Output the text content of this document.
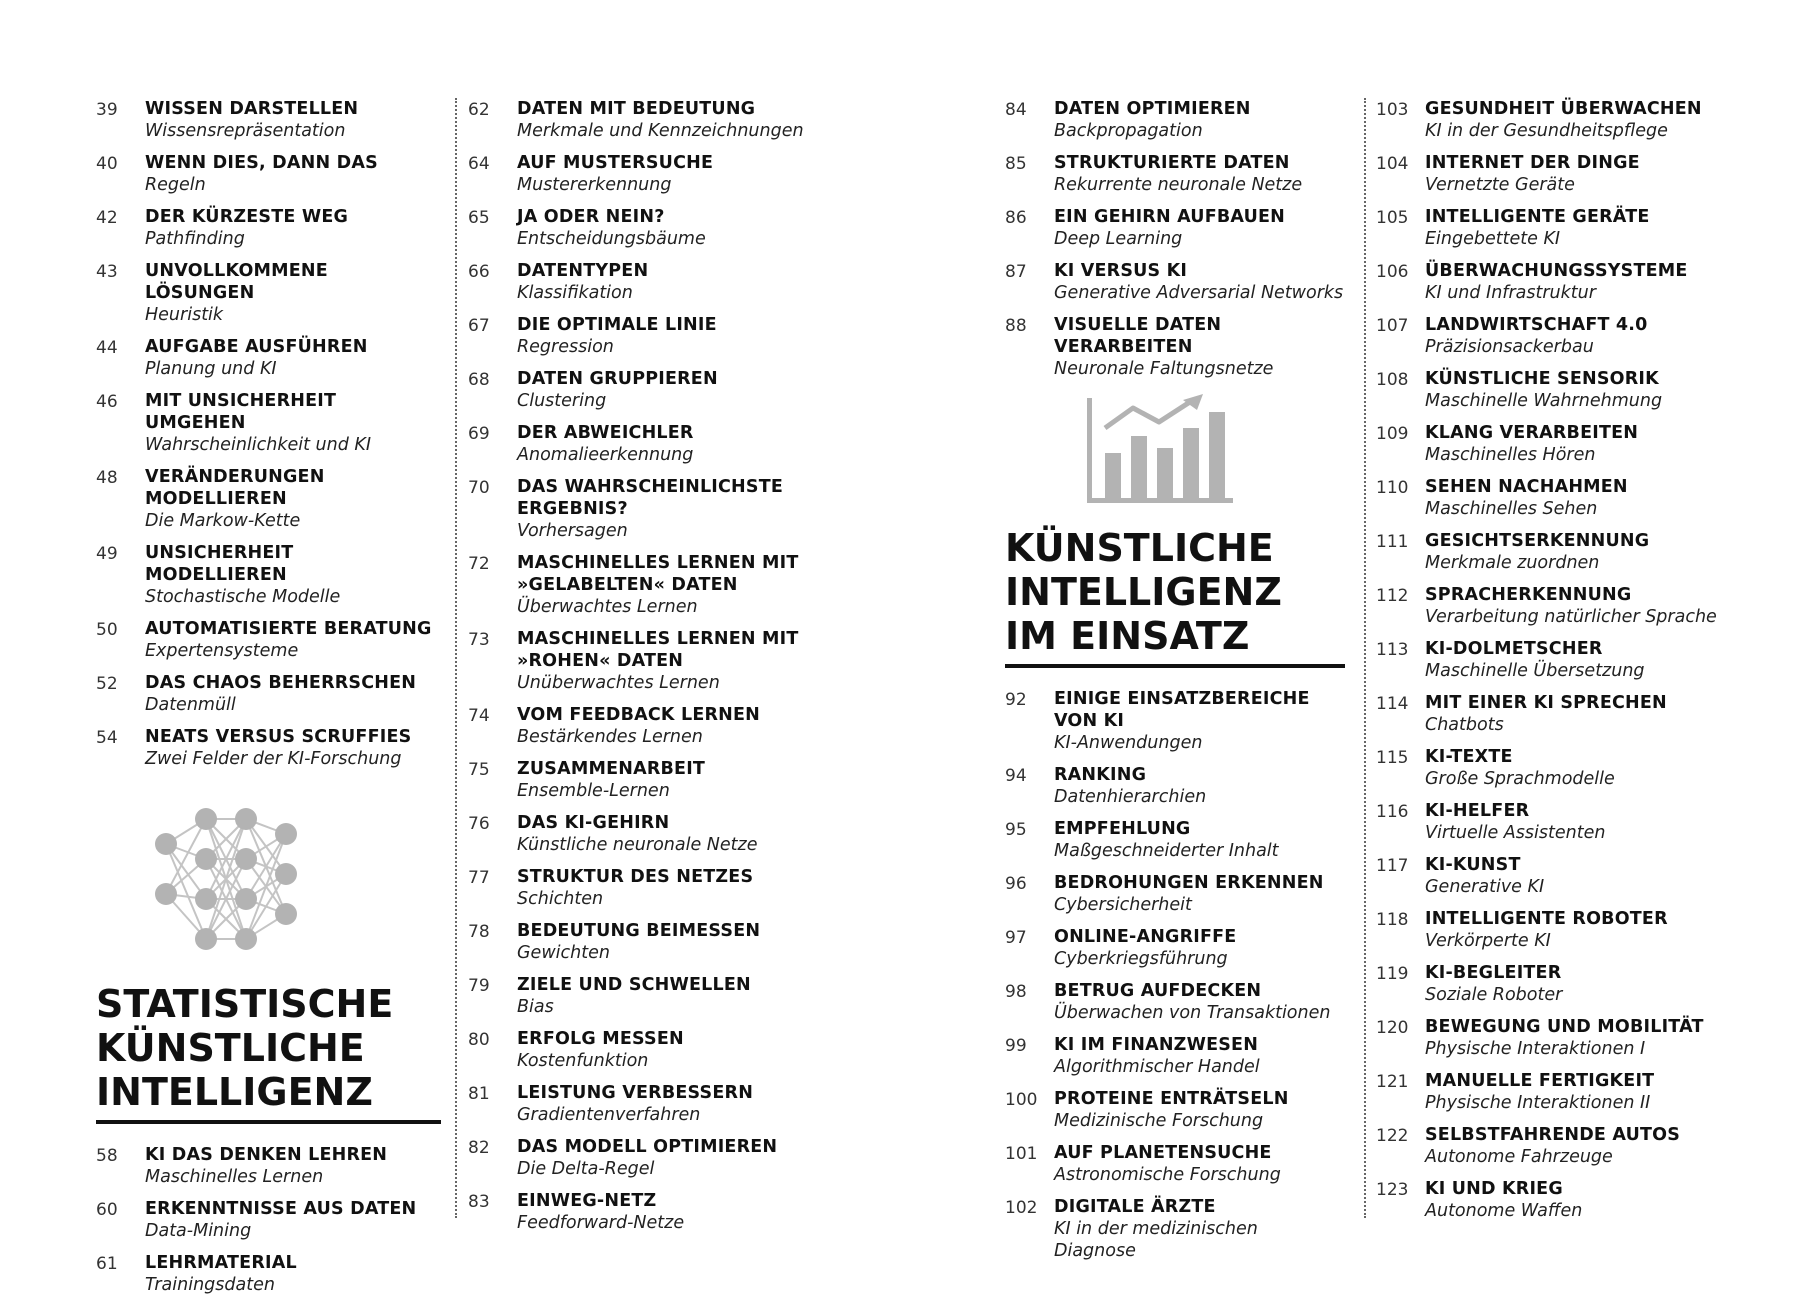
39 WISSEN DARSTELLEN
Wissensrepräsentation
40 WENN DIES, DANN DAS
Regeln
42 DER KÜRZESTE WEG
Pathfinding
43 UNVOLLKOMMENE LÖSUNGEN
Heuristik
44 AUFGABE AUSFÜHREN
Planung und KI
46 MIT UNSICHERHEIT UMGEHEN
Wahrscheinlichkeit und KI
48 VERÄNDERUNGEN MODELLIEREN
Die Markow-Kette
49 UNSICHERHEIT MODELLIEREN
Stochastische Modelle
50 AUTOMATISIERTE BERATUNG
Expertensysteme
52 DAS CHAOS BEHERRSCHEN
Datenmüll
54 NEATS VERSUS SCRUFFIES
Zwei Felder der KI-Forschung
STATISTISCHE
KÜNSTLICHE
INTELLIGENZ
58 KI DAS DENKEN LEHREN
Maschinelles Lernen
60 ERKENNTNISSE AUS DATEN
Data-Mining
61 LEHRMATERIAL
Trainingsdaten
62 DATEN MIT BEDEUTUNG
Merkmale und Kennzeichnungen
64 AUF MUSTERSUCHE
Mustererkennung
65 JA ODER NEIN?
Entscheidungsbäume
66 DATENTYPEN
Klassifikation
67 DIE OPTIMALE LINIE
Regression
68 DATEN GRUPPIEREN
Clustering
69 DER ABWEICHLER
Anomalieerkennung
70 DAS WAHRSCHEINLICHSTE ERGEBNIS?
Vorhersagen
72 MASCHINELLES LERNEN MIT »GELABELTEN« DATEN
Überwachtes Lernen
73 MASCHINELLES LERNEN MIT »ROHEN« DATEN
Unüberwachtes Lernen
74 VOM FEEDBACK LERNEN
Bestärkendes Lernen
75 ZUSAMMENARBEIT
Ensemble-Lernen
76 DAS KI-GEHIRN
Künstliche neuronale Netze
77 STRUKTUR DES NETZES
Schichten
78 BEDEUTUNG BEIMESSEN
Gewichten
79 ZIELE UND SCHWELLEN
Bias
80 ERFOLG MESSEN
Kostenfunktion
81 LEISTUNG VERBESSERN
Gradientenverfahren
82 DAS MODELL OPTIMIEREN
Die Delta-Regel
83 EINWEG-NETZ
Feedforward-Netze
84 DATEN OPTIMIEREN
Backpropagation
85 STRUKTURIERTE DATEN
Rekurrente neuronale Netze
86 EIN GEHIRN AUFBAUEN
Deep Learning
87 KI VERSUS KI
Generative Adversarial Networks
88 VISUELLE DATEN VERARBEITEN
Neuronale Faltungsnetze
KÜNSTLICHE
INTELLIGENZ
IM EINSATZ
92 EINIGE EINSATZBEREICHE VON KI
KI-Anwendungen
94 RANKING
Datenhierarchien
95 EMPFEHLUNG
Maßgeschneiderter Inhalt
96 BEDROHUNGEN ERKENNEN
Cybersicherheit
97 ONLINE-ANGRIFFE
Cyberkriegsführung
98 BETRUG AUFDECKEN
Überwachen von Transaktionen
99 KI IM FINANZWESEN
Algorithmischer Handel
100 PROTEINE ENTRÄTSELN
Medizinische Forschung
101 AUF PLANETENSUCHE
Astronomische Forschung
102 DIGITALE ÄRZTE
KI in der medizinischen Diagnose
103 GESUNDHEIT ÜBERWACHEN
KI in der Gesundheitspflege
104 INTERNET DER DINGE
Vernetzte Geräte
105 INTELLIGENTE GERÄTE
Eingebettete KI
106 ÜBERWACHUNGSSYSTEME
KI und Infrastruktur
107 LANDWIRTSCHAFT 4.0
Präzisionsackerbau
108 KÜNSTLICHE SENSORIK
Maschinelle Wahrnehmung
109 KLANG VERARBEITEN
Maschinelles Hören
110 SEHEN NACHAHMEN
Maschinelles Sehen
111 GESICHTSERKENNUNG
Merkmale zuordnen
112 SPRACHERKENNUNG
Verarbeitung natürlicher Sprache
113 KI-DOLMETSCHER
Maschinelle Übersetzung
114 MIT EINER KI SPRECHEN
Chatbots
115 KI-TEXTE
Große Sprachmodelle
116 KI-HELFER
Virtuelle Assistenten
117 KI-KUNST
Generative KI
118 INTELLIGENTE ROBOTER
Verkörperte KI
119 KI-BEGLEITER
Soziale Roboter
120 BEWEGUNG UND MOBILITÄT
Physische Interaktionen I
121 MANUELLE FERTIGKEIT
Physische Interaktionen II
122 SELBSTFAHRENDE AUTOS
Autonome Fahrzeuge
123 KI UND KRIEG
Autonome Waffen
